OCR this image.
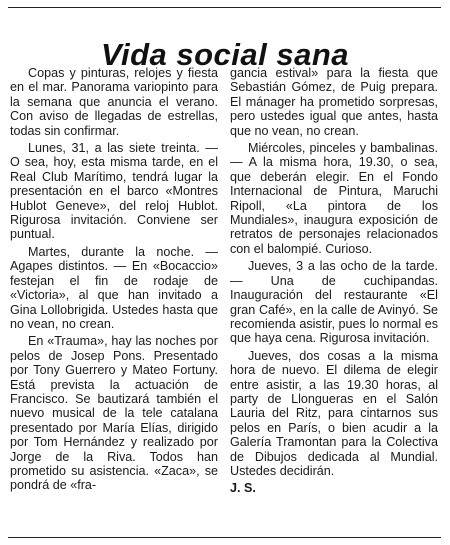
Vida social sana

Copas y pinturas, relojes y fiesta en el mar. Panorama variopinto para la semana que anuncia el verano. Con aviso de llegadas de estrellas, todas sin confirmar.

Lunes, 31, a las siete treinta. — O sea, hoy, esta misma tarde, en el Real Club Marítimo, tendrá lugar la presentación en el barco «Montres Hublot Geneve», del reloj Hublot. Rigurosa invitación. Conviene ser puntual.

Martes, durante la noche. — Agapes distintos. — En «Bocaccio» festejan el fin de rodaje de «Victoria», al que han invitado a Gina Lollobrigida. Ustedes hasta que no vean, no crean.

En «Trauma», hay las noches por pelos de Josep Pons. Presentado por Tony Guerrero y Mateo Fortuny. Está prevista la actuación de Francisco. Se bautizará también el nuevo musical de la tele catalana presentado por María Elías, dirigido por Tom Hernández y realizado por Jorge de la Riva. Todos han prometido su asistencia. «Zaca», se pondrá de «fra-

gancia estival» para la fiesta que Sebastián Gómez, de Puig prepara. El mánager ha prometido sorpresas, pero ustedes igual que antes, hasta que no vean, no crean.

Miércoles, pinceles y bambalinas. — A la misma hora, 19.30, o sea, que deberán elegir. En el Fondo Internacional de Pintura, Maruchi Ripoll, «La pintora de los Mundiales», inaugura exposición de retratos de personajes relacionados con el balompié. Curioso.

Jueves, 3 a las ocho de la tarde. — Una de cuchipandas. Inauguración del restaurante «El gran Café», en la calle de Avinyó. Se recomienda asistir, pues lo normal es que haya cena. Rigurosa invitación.

Jueves, dos cosas a la misma hora de nuevo. El dilema de elegir entre asistir, a las 19.30 horas, al party de Llongueras en el Salón Lauria del Ritz, para cintarnos sus pelos en París, o bien acudir a la Galería Tramontan para la Colectiva de Dibujos dedicada al Mundial. Ustedes decidirán.

J. S.
